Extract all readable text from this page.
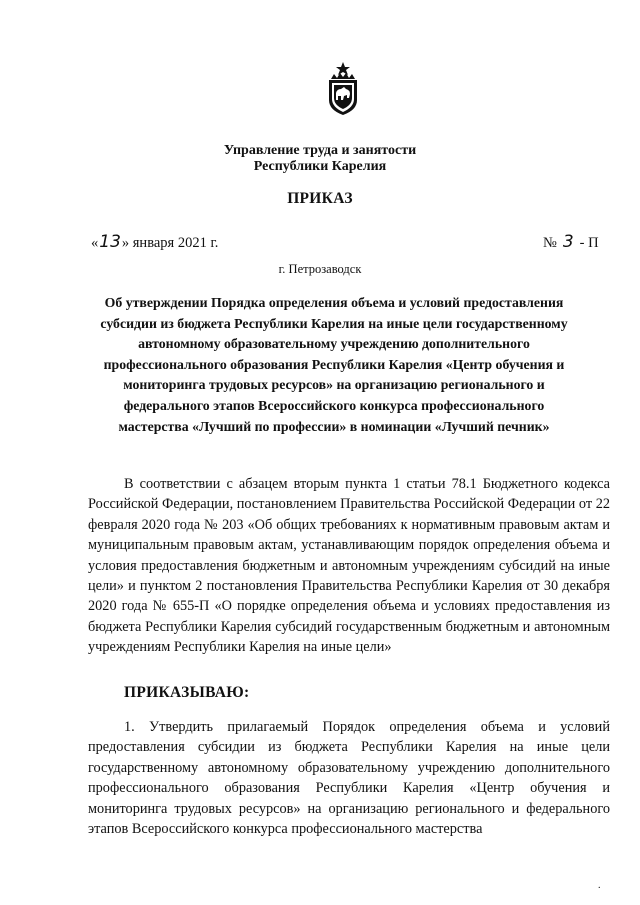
Управление труда и занятости
Республики Карелия
ПРИКАЗ
«13» января 2021 г.	№ 3 - П
г. Петрозаводск
Об утверждении Порядка определения объема и условий предоставления субсидии из бюджета Республики Карелия на иные цели государственному автономному образовательному учреждению дополнительного профессионального образования Республики Карелия «Центр обучения и мониторинга трудовых ресурсов» на организацию регионального и федерального этапов Всероссийского конкурса профессионального мастерства «Лучший по профессии» в номинации «Лучший печник»
В соответствии с абзацем вторым пункта 1 статьи 78.1 Бюджетного кодекса Российской Федерации, постановлением Правительства Российской Федерации от 22 февраля 2020 года № 203 «Об общих требованиях к нормативным правовым актам и муниципальным правовым актам, устанавливающим порядок определения объема и условия предоставления бюджетным и автономным учреждениям субсидий на иные цели» и пунктом 2 постановления Правительства Республики Карелия от 30 декабря 2020 года № 655-П «О порядке определения объема и условиях предоставления из бюджета Республики Карелия субсидий государственным бюджетным и автономным учреждениям Республики Карелия на иные цели»
ПРИКАЗЫВАЮ:
1. Утвердить прилагаемый Порядок определения объема и условий предоставления субсидии из бюджета Республики Карелия на иные цели государственному автономному образовательному учреждению дополнительного профессионального образования Республики Карелия «Центр обучения и мониторинга трудовых ресурсов» на организацию регионального и федерального этапов Всероссийского конкурса профессионального мастерства
.
